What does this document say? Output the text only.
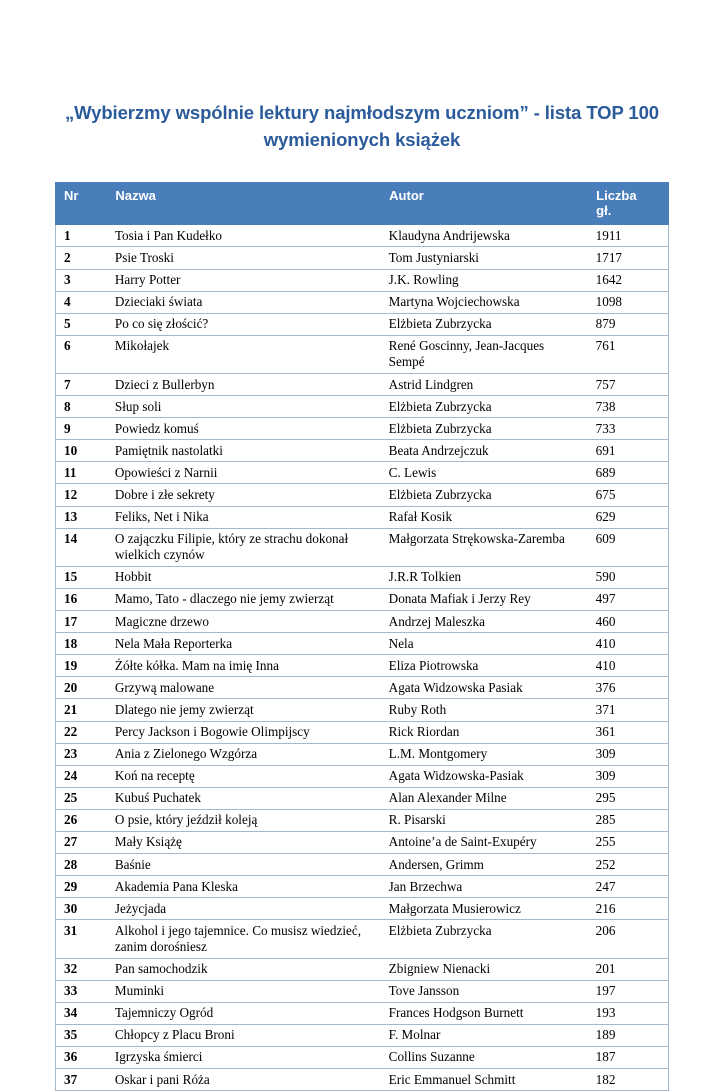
„Wybierzmy wspólnie lektury najmłodszym uczniom” - lista TOP 100 wymienionych książek
Nr	Nazwa	Autor	Liczba
gł.

1	Tosia i Pan Kudełko	Klaudyna Andrijewska	1911
2	Psie Troski	Tom Justyniarski	1717
3	Harry Potter	J.K. Rowling	1642
4	Dzieciaki świata	Martyna Wojciechowska	1098
5	Po co się złościć?	Elżbieta Zubrzycka	879
6	Mikołajek	René Goscinny, Jean-Jacques Sempé	761
7	Dzieci z Bullerbyn	Astrid Lindgren	757
8	Słup soli	Elżbieta Zubrzycka	738
9	Powiedz komuś	Elżbieta Zubrzycka	733
10	Pamiętnik nastolatki	Beata Andrzejczuk	691
11	Opowieści z Narnii	C. Lewis	689
12	Dobre i złe sekrety	Elżbieta Zubrzycka	675
13	Feliks, Net i Nika	Rafał Kosik	629
14	O zajączku Filipie, który ze strachu dokonał wielkich czynów	Małgorzata Strękowska-Zaremba	609
15	Hobbit	J.R.R Tolkien	590
16	Mamo, Tato - dlaczego nie jemy zwierząt	Donata Mafiak i Jerzy Rey	497
17	Magiczne drzewo	Andrzej Maleszka	460
18	Nela Mała Reporterka	Nela	410
19	Żółte kółka. Mam na imię Inna	Eliza Piotrowska	410
20	Grzywą malowane	Agata Widzowska Pasiak	376
21	Dlatego nie jemy zwierząt	Ruby Roth	371
22	Percy Jackson i Bogowie Olimpijscy	Rick Riordan	361
23	Ania z Zielonego Wzgórza	L.M. Montgomery	309
24	Koń na receptę	Agata Widzowska-Pasiak	309
25	Kubuś Puchatek	Alan Alexander Milne	295
26	O psie, który jeździł koleją	R. Pisarski	285
27	Mały Książę	Antoine’a de Saint-Exupéry	255
28	Baśnie	Andersen, Grimm	252
29	Akademia Pana Kleska	Jan Brzechwa	247
30	Jeżycjada	Małgorzata Musierowicz	216
31	Alkohol i jego tajemnice. Co musisz wiedzieć, zanim dorośniesz	Elżbieta Zubrzycka	206
32	Pan samochodzik	Zbigniew Nienacki	201
33	Muminki	Tove Jansson	197
34	Tajemniczy Ogród	Frances Hodgson Burnett	193
35	Chłopcy z Placu Broni	F. Molnar	189
36	Igrzyska śmierci	Collins Suzanne	187
37	Oskar i pani Róża	Eric Emmanuel Schmitt	182
